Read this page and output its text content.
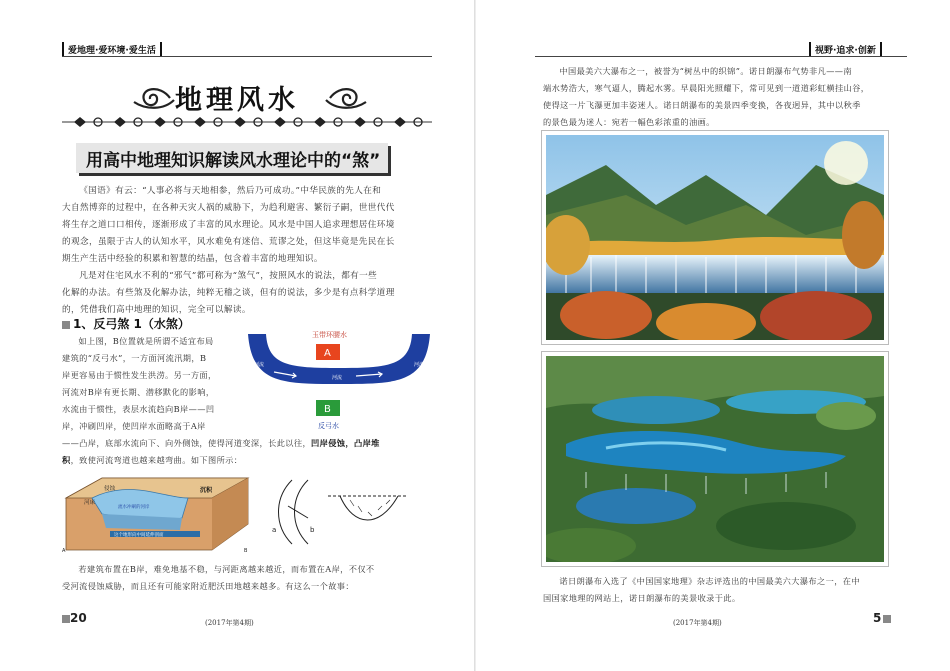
爱地理·爱环境·爱生活
地理风水
用高中地理知识解读风水理论中的“煞”
《国语》有云：“人事必将与天地相参，然后乃可成功。”中华民族的先人在和
大自然博弈的过程中，在各种天灾人祸的威胁下，为趋利避害、繁衍子嗣，世世代代
将生存之道口口相传，逐渐形成了丰富的风水理论。风水是中国人追求理想居住环境
的观念，虽限于古人的认知水平，风水难免有迷信、荒谬之处，但这毕竟是先民在长
期生产生活中经验的积累和智慧的结晶，包含着丰富的地理知识。
凡是对住宅风水不利的“邪气”都可称为“煞气”，按照风水的说法，都有一些
化解的办法。有些煞及化解办法，纯粹无稽之谈，但有的说法，多少是有点科学道理
的，凭借我们高中地理的知识，完全可以解读。
1、反弓煞 1（水煞）
如上图，B位置就是所谓不适宜布局
建筑的“反弓水”，一方面河流汛期，B
岸更容易由于惯性发生洪涝。另一方面，
河流对B岸有更长期、潜移默化的影响，
水流由于惯性，表层水流趋向B岸——凹
岸，冲刷凹岸，使凹岸水面略高于A岸
——凸岸，底部水流向下、向外侧蚀，使得河道变深，长此以往，凹岸侵蚀，凸岸堆
积，致使河流弯道也越来越弯曲。如下图所示：
玉带环腰水
A
河流
河流
河流
B
反弓水
这个地形向中间延伸剖面
侵蚀	沉积
河床
流水冲刷的河岸
A	B
a	b
若建筑布置在B岸，难免地基不稳，与河距离越来越近，而布置在A岸，不仅不
受河流侵蚀威胁，而且还有可能家附近肥沃田地越来越多。有这么一个故事：
20	(2017年第4期)
视野·追求·创新
中国最美六大瀑布之一，被誉为“树丛中的织锦”。诺日朗瀑布气势非凡——南
端水势浩大，寒气逼人，腾起水雾。早晨阳光照耀下，常可见到一道道彩虹横挂山谷，
使得这一片飞瀑更加丰姿迷人。诺日朗瀑布的美景四季变换，各夜迥异，其中以秋季
的景色最为迷人：宛若一幅色彩浓重的油画。
诺日朗瀑布入选了《中国国家地理》杂志评选出的中国最美六大瀑布之一，在中
国国家地理的网站上，诺日朗瀑布的美景收录于此。
5
(2017年第4期)
